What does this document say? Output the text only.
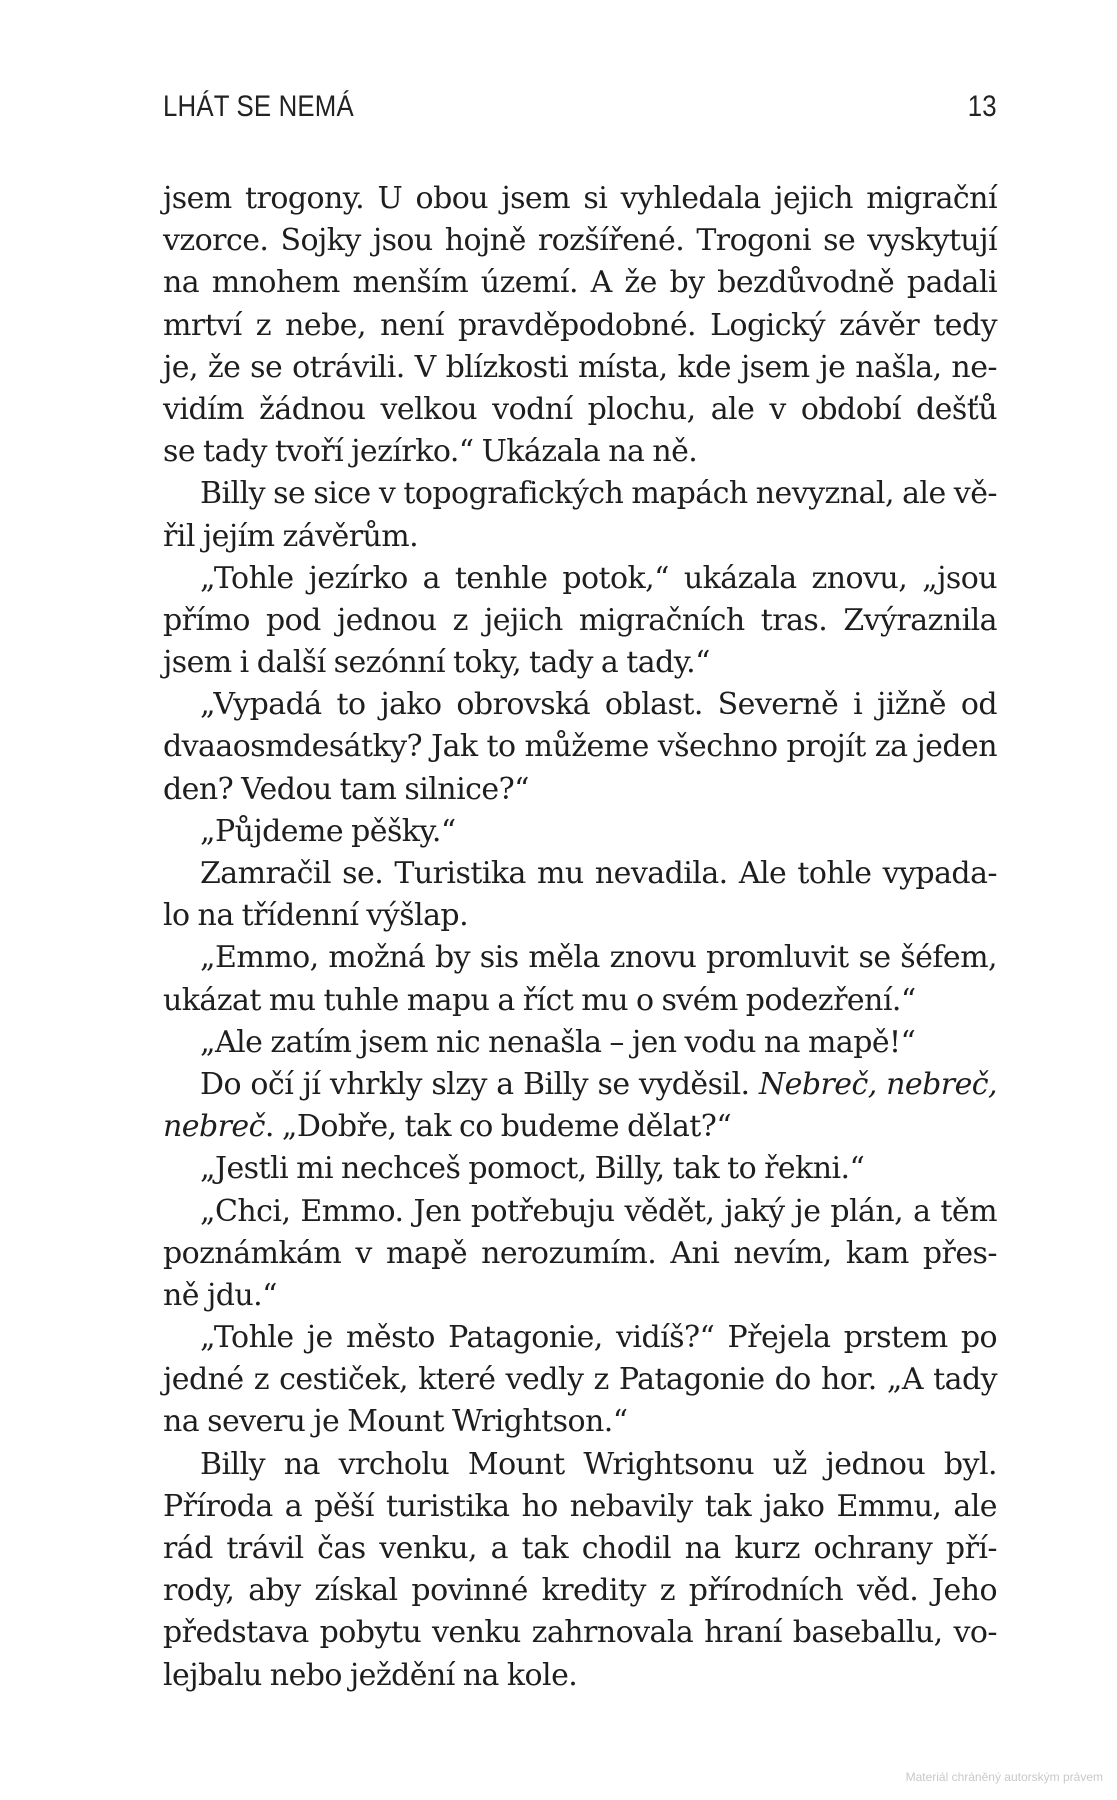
LHÁT SE NEMÁ	13
jsem trogony. U obou jsem si vyhledala jejich migrační
vzorce. Sojky jsou hojně rozšířené. Trogoni se vyskytují
na mnohem menším území. A že by bezdůvodně padali
mrtví z nebe, není pravděpodobné. Logický závěr tedy
je, že se otrávili. V blízkosti místa, kde jsem je našla, ne-
vidím žádnou velkou vodní plochu, ale v období dešťů
se tady tvoří jezírko.“ Ukázala na ně.
Billy se sice v topografických mapách nevyznal, ale vě-
řil jejím závěrům.
„Tohle jezírko a tenhle potok,“ ukázala znovu, „jsou
přímo pod jednou z jejich migračních tras. Zvýraznila
jsem i další sezónní toky, tady a tady.“
„Vypadá to jako obrovská oblast. Severně i jižně od
dvaaosmdesátky? Jak to můžeme všechno projít za jeden
den? Vedou tam silnice?“
„Půjdeme pěšky.“
Zamračil se. Turistika mu nevadila. Ale tohle vypada-
lo na třídenní výšlap.
„Emmo, možná by sis měla znovu promluvit se šéfem,
ukázat mu tuhle mapu a říct mu o svém podezření.“
„Ale zatím jsem nic nenašla – jen vodu na mapě!“
Do očí jí vhrkly slzy a Billy se vyděsil. Nebreč, nebreč,
nebreč. „Dobře, tak co budeme dělat?“
„Jestli mi nechceš pomoct, Billy, tak to řekni.“
„Chci, Emmo. Jen potřebuju vědět, jaký je plán, a těm
poznámkám v mapě nerozumím. Ani nevím, kam přes-
ně jdu.“
„Tohle je město Patagonie, vidíš?“ Přejela prstem po
jedné z cestiček, které vedly z Patagonie do hor. „A tady
na severu je Mount Wrightson.“
Billy na vrcholu Mount Wrightsonu už jednou byl.
Příroda a pěší turistika ho nebavily tak jako Emmu, ale
rád trávil čas venku, a tak chodil na kurz ochrany pří-
rody, aby získal povinné kredity z přírodních věd. Jeho
představa pobytu venku zahrnovala hraní baseballu, vo-
lejbalu nebo ježdění na kole.
Materiál chráněný autorským právem
